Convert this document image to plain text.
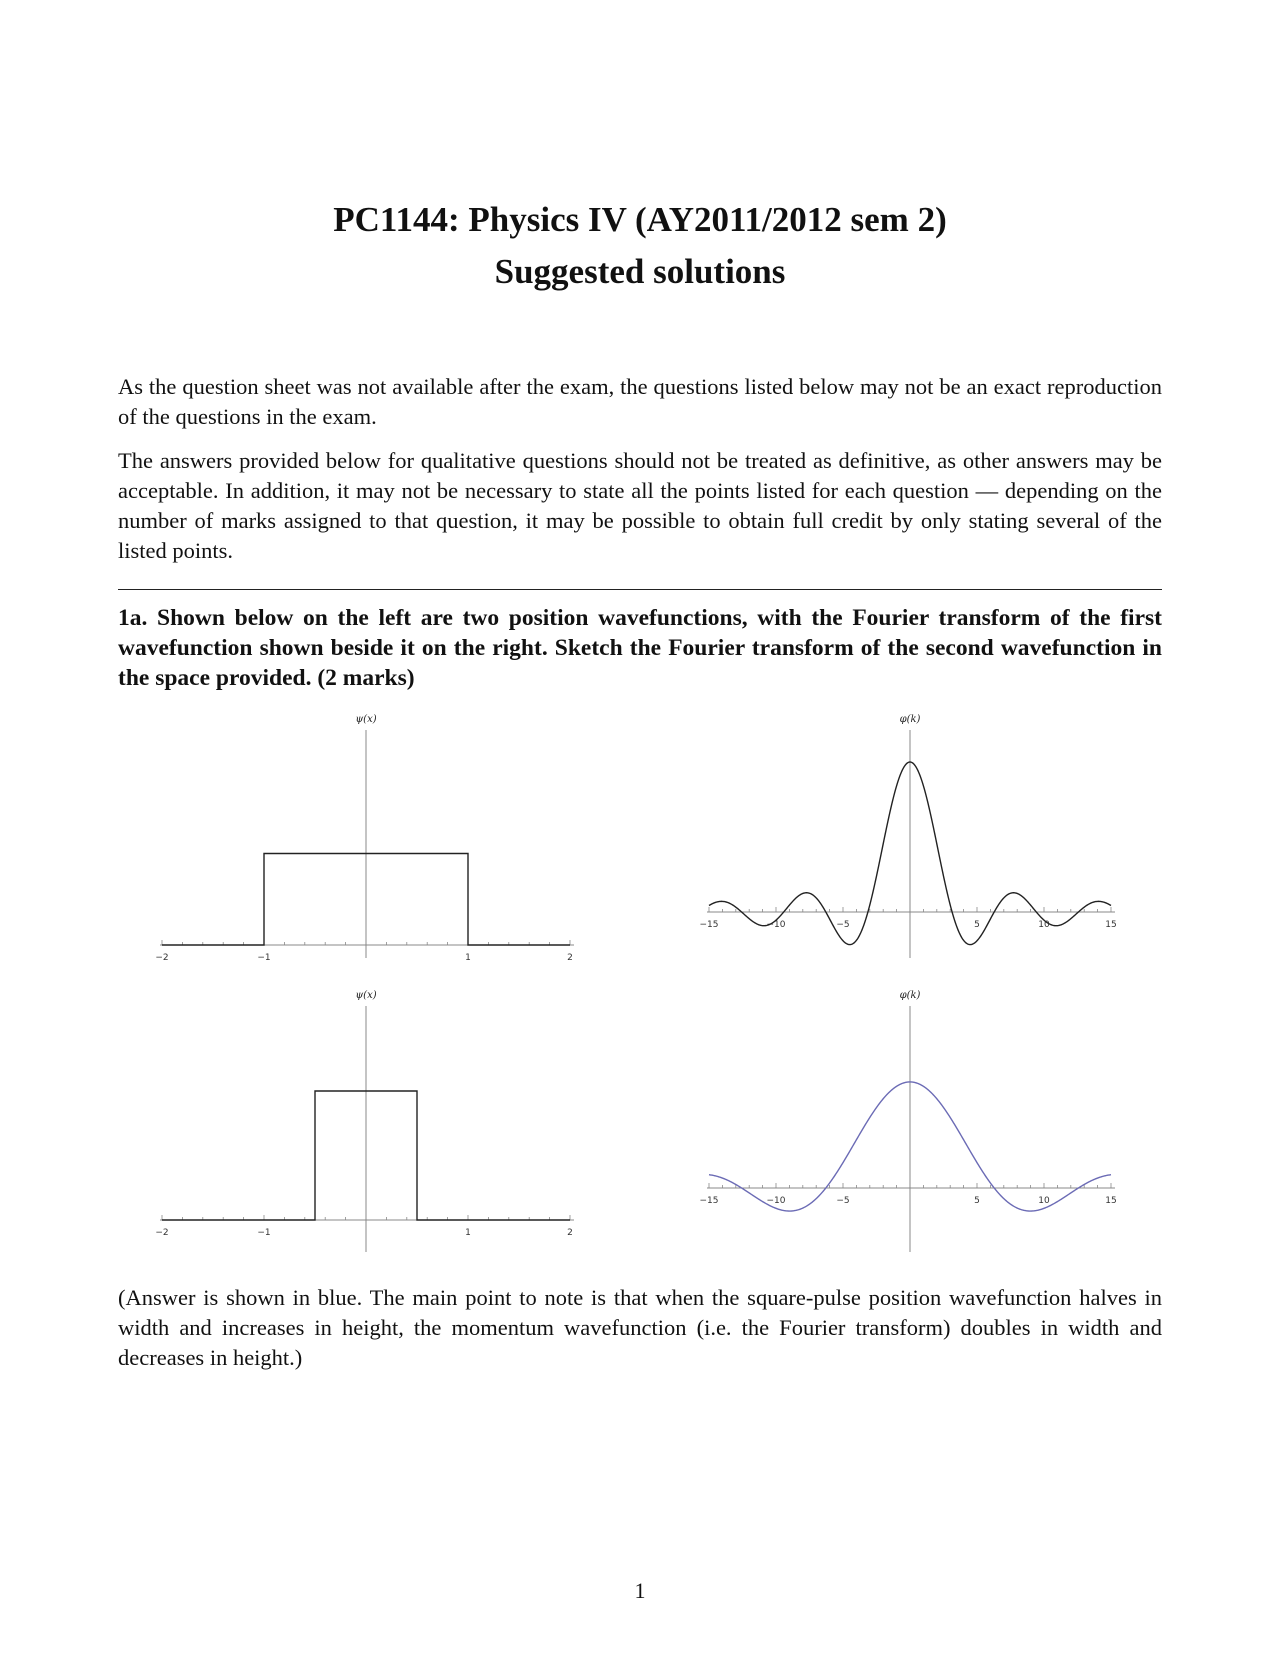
PC1144: Physics IV (AY2011/2012 sem 2)
Suggested solutions
As the question sheet was not available after the exam, the questions listed below may not be an exact reproduction of the questions in the exam.
The answers provided below for qualitative questions should not be treated as definitive, as other answers may be acceptable. In addition, it may not be necessary to state all the points listed for each question — depending on the number of marks assigned to that question, it may be possible to obtain full credit by only stating several of the listed points.
1a. Shown below on the left are two position wavefunctions, with the Fourier transform of the first wavefunction shown beside it on the right. Sketch the Fourier transform of the second wavefunction in the space provided. (2 marks)
−2	−1	1	2
ψ(x)
−15	−10	−5	5	10	15
φ(k)
−2	−1	1	2
ψ(x)
−15	−10	−5	5	10	15
φ(k)
(Answer is shown in blue. The main point to note is that when the square-pulse position wavefunction halves in width and increases in height, the momentum wavefunction (i.e. the Fourier transform) doubles in width and decreases in height.)
1
